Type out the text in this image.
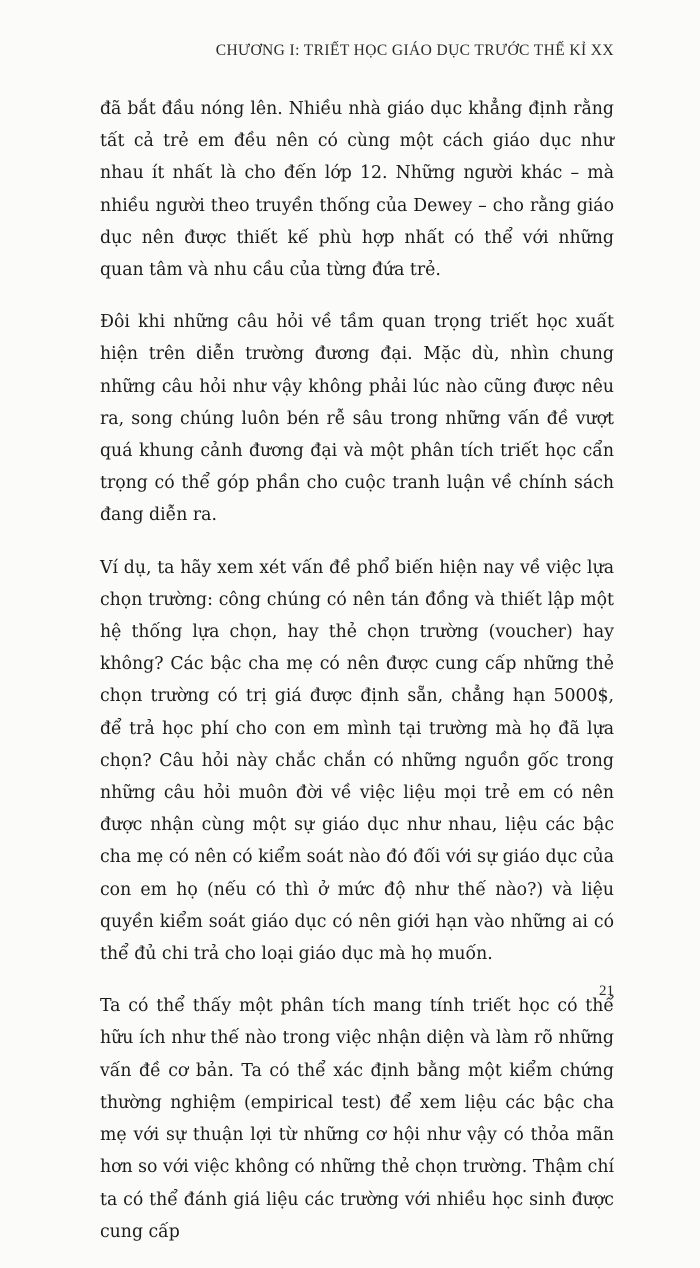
CHƯƠNG I: TRIẾT HỌC GIÁO DỤC TRƯỚC THẾ KỈ XX

đã bắt đầu nóng lên. Nhiều nhà giáo dục khẳng định rằng tất cả trẻ em đều nên có cùng một cách giáo dục như nhau ít nhất là cho đến lớp 12. Những người khác – mà nhiều người theo truyền thống của Dewey – cho rằng giáo dục nên được thiết kế phù hợp nhất có thể với những quan tâm và nhu cầu của từng đứa trẻ.

Đôi khi những câu hỏi về tầm quan trọng triết học xuất hiện trên diễn trường đương đại. Mặc dù, nhìn chung những câu hỏi như vậy không phải lúc nào cũng được nêu ra, song chúng luôn bén rễ sâu trong những vấn đề vượt quá khung cảnh đương đại và một phân tích triết học cẩn trọng có thể góp phần cho cuộc tranh luận về chính sách đang diễn ra.

Ví dụ, ta hãy xem xét vấn đề phổ biến hiện nay về việc lựa chọn trường: công chúng có nên tán đồng và thiết lập một hệ thống lựa chọn, hay thẻ chọn trường (voucher) hay không? Các bậc cha mẹ có nên được cung cấp những thẻ chọn trường có trị giá được định sẵn, chẳng hạn 5000$, để trả học phí cho con em mình tại trường mà họ đã lựa chọn? Câu hỏi này chắc chắn có những nguồn gốc trong những câu hỏi muôn đời về việc liệu mọi trẻ em có nên được nhận cùng một sự giáo dục như nhau, liệu các bậc cha mẹ có nên có kiểm soát nào đó đối với sự giáo dục của con em họ (nếu có thì ở mức độ như thế nào?) và liệu quyền kiểm soát giáo dục có nên giới hạn vào những ai có thể đủ chi trả cho loại giáo dục mà họ muốn.

Ta có thể thấy một phân tích mang tính triết học có thể hữu ích như thế nào trong việc nhận diện và làm rõ những vấn đề cơ bản. Ta có thể xác định bằng một kiểm chứng thường nghiệm (empirical test) để xem liệu các bậc cha mẹ với sự thuận lợi từ những cơ hội như vậy có thỏa mãn hơn so với việc không có những thẻ chọn trường. Thậm chí ta có thể đánh giá liệu các trường với nhiều học sinh được cung cấp

21
